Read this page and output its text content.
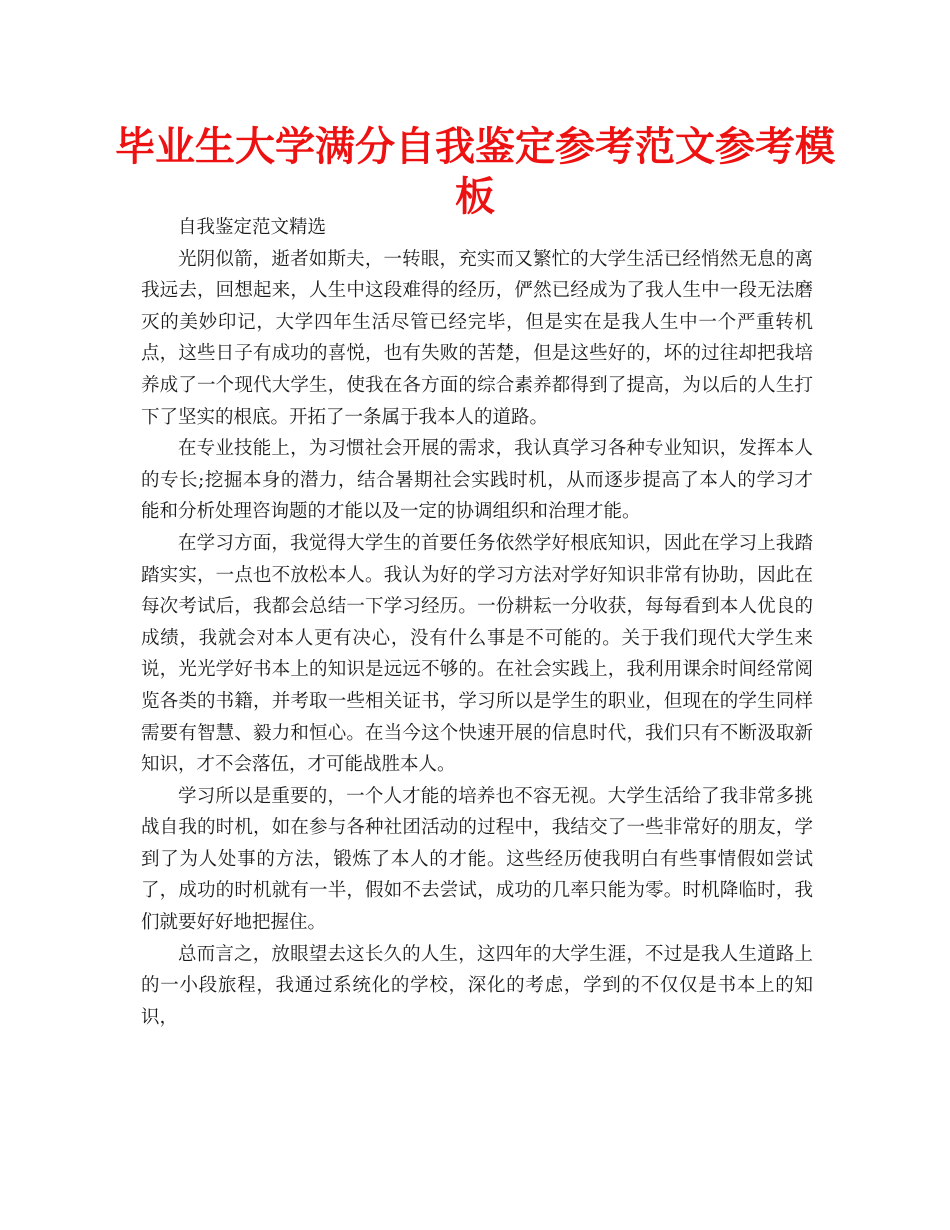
毕业生大学满分自我鉴定参考范文参考模板

自我鉴定范文精选

光阴似箭，逝者如斯夫，一转眼，充实而又繁忙的大学生活已经悄然无息的离我远去，回想起来，人生中这段难得的经历，俨然已经成为了我人生中一段无法磨灭的美妙印记，大学四年生活尽管已经完毕，但是实在是我人生中一个严重转机点，这些日子有成功的喜悦，也有失败的苦楚，但是这些好的，坏的过往却把我培养成了一个现代大学生，使我在各方面的综合素养都得到了提高，为以后的人生打下了坚实的根底。开拓了一条属于我本人的道路。

在专业技能上，为习惯社会开展的需求，我认真学习各种专业知识，发挥本人的专长;挖掘本身的潜力，结合暑期社会实践时机，从而逐步提高了本人的学习才能和分析处理咨询题的才能以及一定的协调组织和治理才能。

在学习方面，我觉得大学生的首要任务依然学好根底知识，因此在学习上我踏踏实实，一点也不放松本人。我认为好的学习方法对学好知识非常有协助，因此在每次考试后，我都会总结一下学习经历。一份耕耘一分收获，每每看到本人优良的成绩，我就会对本人更有决心，没有什么事是不可能的。关于我们现代大学生来说，光光学好书本上的知识是远远不够的。在社会实践上，我利用课余时间经常阅览各类的书籍，并考取一些相关证书，学习所以是学生的职业，但现在的学生同样需要有智慧、毅力和恒心。在当今这个快速开展的信息时代，我们只有不断汲取新知识，才不会落伍，才可能战胜本人。

学习所以是重要的，一个人才能的培养也不容无视。大学生活给了我非常多挑战自我的时机，如在参与各种社团活动的过程中，我结交了一些非常好的朋友，学到了为人处事的方法，锻炼了本人的才能。这些经历使我明白有些事情假如尝试了，成功的时机就有一半，假如不去尝试，成功的几率只能为零。时机降临时，我们就要好好地把握住。

总而言之，放眼望去这长久的人生，这四年的大学生涯，不过是我人生道路上的一小段旅程，我通过系统化的学校，深化的考虑，学到的不仅仅是书本上的知识，
